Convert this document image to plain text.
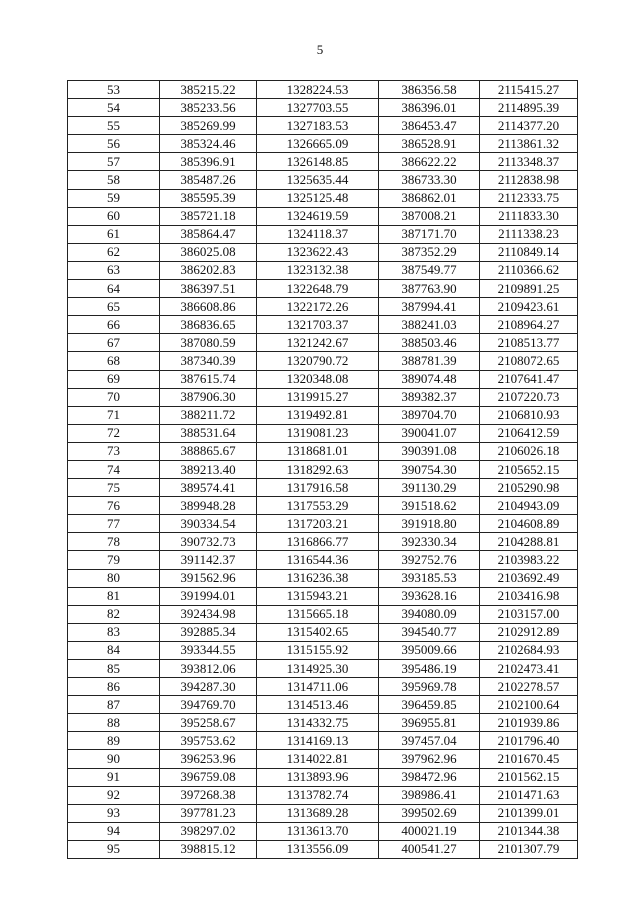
5
53	385215.22	1328224.53	386356.58	2115415.27
54	385233.56	1327703.55	386396.01	2114895.39
55	385269.99	1327183.53	386453.47	2114377.20
56	385324.46	1326665.09	386528.91	2113861.32
57	385396.91	1326148.85	386622.22	2113348.37
58	385487.26	1325635.44	386733.30	2112838.98
59	385595.39	1325125.48	386862.01	2112333.75
60	385721.18	1324619.59	387008.21	2111833.30
61	385864.47	1324118.37	387171.70	2111338.23
62	386025.08	1323622.43	387352.29	2110849.14
63	386202.83	1323132.38	387549.77	2110366.62
64	386397.51	1322648.79	387763.90	2109891.25
65	386608.86	1322172.26	387994.41	2109423.61
66	386836.65	1321703.37	388241.03	2108964.27
67	387080.59	1321242.67	388503.46	2108513.77
68	387340.39	1320790.72	388781.39	2108072.65
69	387615.74	1320348.08	389074.48	2107641.47
70	387906.30	1319915.27	389382.37	2107220.73
71	388211.72	1319492.81	389704.70	2106810.93
72	388531.64	1319081.23	390041.07	2106412.59
73	388865.67	1318681.01	390391.08	2106026.18
74	389213.40	1318292.63	390754.30	2105652.15
75	389574.41	1317916.58	391130.29	2105290.98
76	389948.28	1317553.29	391518.62	2104943.09
77	390334.54	1317203.21	391918.80	2104608.89
78	390732.73	1316866.77	392330.34	2104288.81
79	391142.37	1316544.36	392752.76	2103983.22
80	391562.96	1316236.38	393185.53	2103692.49
81	391994.01	1315943.21	393628.16	2103416.98
82	392434.98	1315665.18	394080.09	2103157.00
83	392885.34	1315402.65	394540.77	2102912.89
84	393344.55	1315155.92	395009.66	2102684.93
85	393812.06	1314925.30	395486.19	2102473.41
86	394287.30	1314711.06	395969.78	2102278.57
87	394769.70	1314513.46	396459.85	2102100.64
88	395258.67	1314332.75	396955.81	2101939.86
89	395753.62	1314169.13	397457.04	2101796.40
90	396253.96	1314022.81	397962.96	2101670.45
91	396759.08	1313893.96	398472.96	2101562.15
92	397268.38	1313782.74	398986.41	2101471.63
93	397781.23	1313689.28	399502.69	2101399.01
94	398297.02	1313613.70	400021.19	2101344.38
95	398815.12	1313556.09	400541.27	2101307.79
